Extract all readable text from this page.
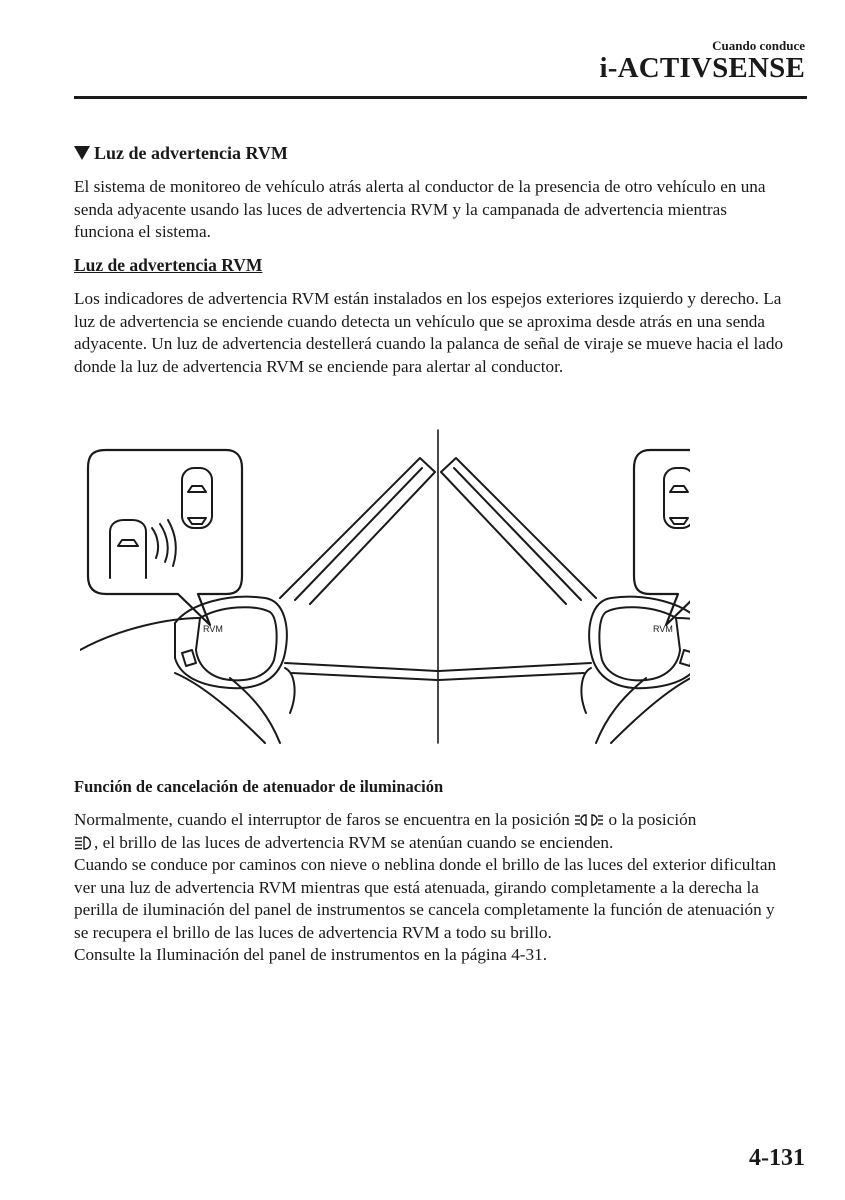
Cuando conduce
i-ACTIVSENSE
Luz de advertencia RVM
El sistema de monitoreo de vehículo atrás alerta al conductor de la presencia de otro vehículo en una senda adyacente usando las luces de advertencia RVM y la campanada de advertencia mientras funciona el sistema.
Luz de advertencia RVM
Los indicadores de advertencia RVM están instalados en los espejos exteriores izquierdo y derecho. La luz de advertencia se enciende cuando detecta un vehículo que se aproxima desde atrás en una senda adyacente. Un luz de advertencia destellerá cuando la palanca de señal de viraje se mueve hacia el lado donde la luz de advertencia RVM se enciende para alertar al conductor.
RVM	RVM
Función de cancelación de atenuador de iluminación
Normalmente, cuando el interruptor de faros se encuentra en la posición o la posición
, el brillo de las luces de advertencia RVM se atenúan cuando se encienden.
Cuando se conduce por caminos con nieve o neblina donde el brillo de las luces del exterior dificultan ver una luz de advertencia RVM mientras que está atenuada, girando completamente a la derecha la perilla de iluminación del panel de instrumentos se cancela completamente la función de atenuación y se recupera el brillo de las luces de advertencia RVM a todo su brillo.
Consulte la Iluminación del panel de instrumentos en la página 4-31.
4-131
